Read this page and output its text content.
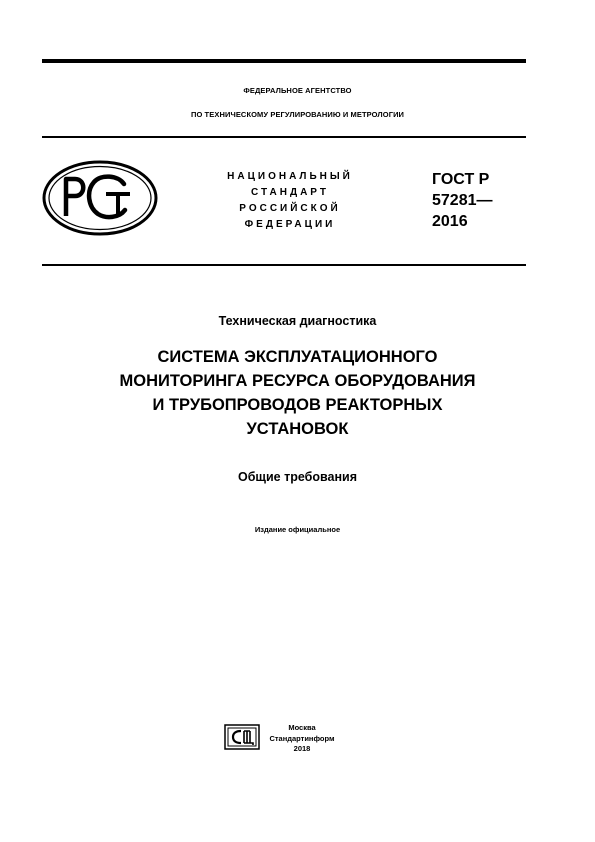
ФЕДЕРАЛЬНОЕ АГЕНТСТВО
ПО ТЕХНИЧЕСКОМУ РЕГУЛИРОВАНИЮ И МЕТРОЛОГИИ
НАЦИОНАЛЬНЫЙ
СТАНДАРТ
РОССИЙСКОЙ
ФЕДЕРАЦИИ
ГОСТ Р
57281—
2016
Техническая диагностика
СИСТЕМА ЭКСПЛУАТАЦИОННОГО
МОНИТОРИНГА РЕСУРСА ОБОРУДОВАНИЯ
И ТРУБОПРОВОДОВ РЕАКТОРНЫХ
УСТАНОВОК
Общие требования
Издание официальное
Москва
Стандартинформ
2018
